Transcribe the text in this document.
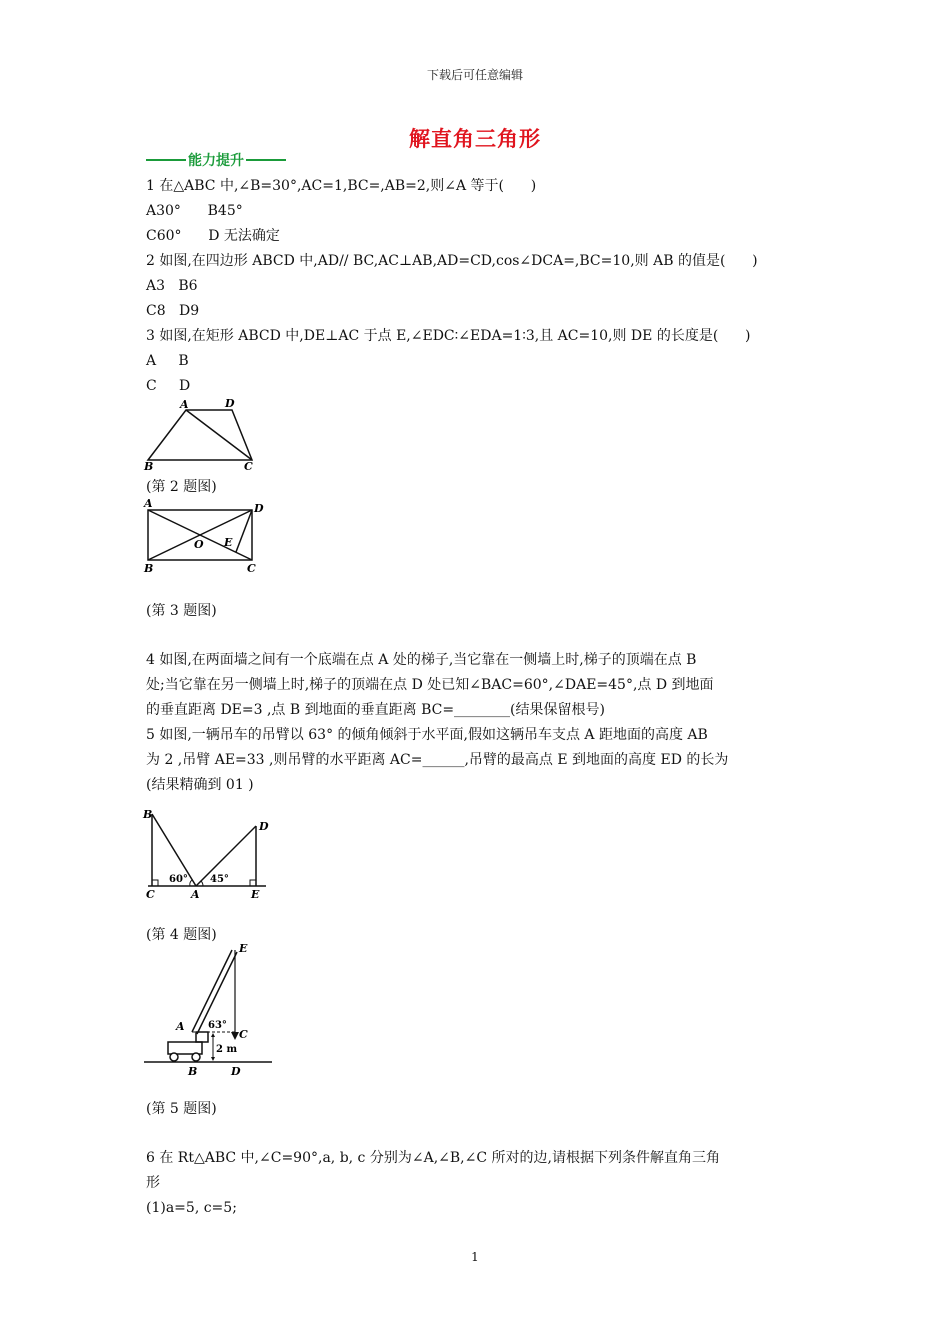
下载后可任意编辑
解直角三角形
能力提升
1 在△ABC 中,∠B=30°,AC=1,BC=,AB=2,则∠A 等于(      )
A30°      B45°
C60°      D 无法确定
2 如图,在四边形 ABCD 中,AD// BC,AC⊥AB,AD=CD,cos∠DCA=,BC=10,则 AB 的值是(      )
A3   B6
C8   D9
3 如图,在矩形 ABCD 中,DE⊥AC 于点 E,∠EDC∶∠EDA=1∶3,且 AC=10,则 DE 的长度是(      )
A     B
C     D
A	D
B	C
(第 2 题图)
A	D
O E
B	C
(第 3 题图)
4 如图,在两面墙之间有一个底端在点 A 处的梯子,当它靠在一侧墙上时,梯子的顶端在点 B
处;当它靠在另一侧墙上时,梯子的顶端在点 D 处已知∠BAC=60°,∠DAE=45°,点 D 到地面
的垂直距离 DE=3 ,点 B 到地面的垂直距离 BC=________(结果保留根号)
5 如图,一辆吊车的吊臂以 63° 的倾角倾斜于水平面,假如这辆吊车支点 A 距地面的高度 AB
为 2 ,吊臂 AE=33 ,则吊臂的水平距离 AC=______,吊臂的最高点 E 到地面的高度 ED 的长为
(结果精确到 01 )
B
D
60° 45°
C	A	E
(第 4 题图)
E
63°
A
C
2 m
B	D
(第 5 题图)
6 在 Rt△ABC 中,∠C=90°,a, b, c 分别为∠A,∠B,∠C 所对的边,请根据下列条件解直角三角
形
(1)a=5, c=5;
1
